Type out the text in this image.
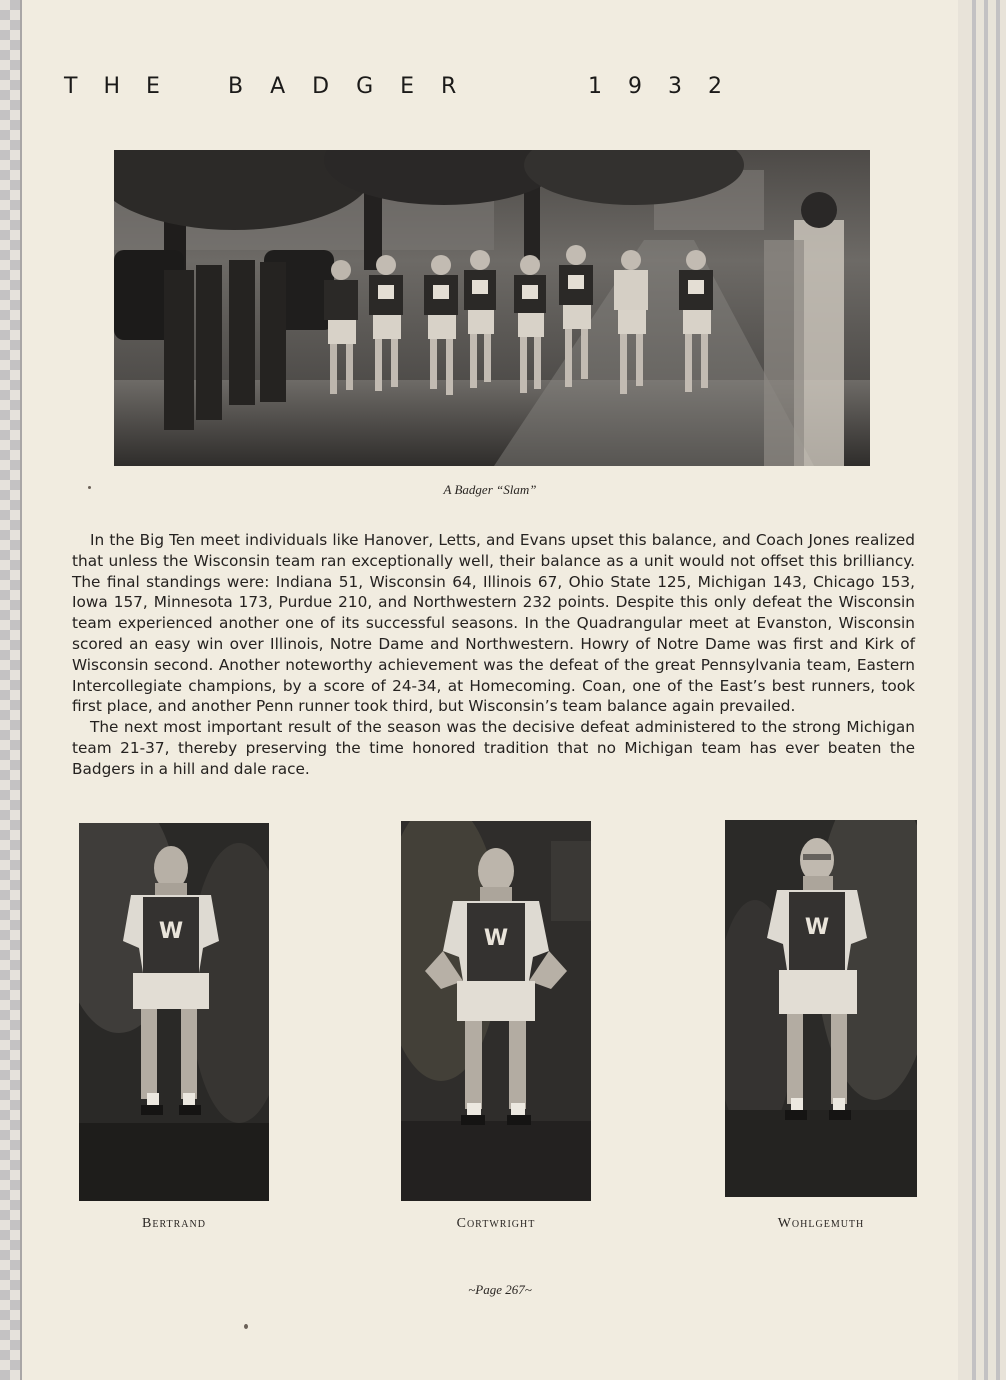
THE BADGER	1932
A Badger “Slam”

In the Big Ten meet individuals like Hanover, Letts, and Evans upset this balance, and Coach Jones realized that unless the Wisconsin team ran exceptionally well, their balance as a unit would not offset this brilliancy. The final standings were: Indiana 51, Wisconsin 64, Illinois 67, Ohio State 125, Michigan 143, Chicago 153, Iowa 157, Minnesota 173, Purdue 210, and Northwestern 232 points. Despite this only defeat the Wisconsin team experienced another one of its successful seasons. In the Quadrangular meet at Evanston, Wisconsin scored an easy win over Illinois, Notre Dame and Northwestern. Howry of Notre Dame was first and Kirk of Wisconsin second. Another noteworthy achievement was the defeat of the great Pennsylvania team, Eastern Intercollegiate champions, by a score of 24-34, at Homecoming. Coan, one of the East’s best runners, took first place, and another Penn runner took third, but Wisconsin’s team balance again prevailed.

The next most important result of the season was the decisive defeat administered to the strong Michigan team 21-37, thereby preserving the time honored tradition that no Michigan team has ever beaten the Badgers in a hill and dale race.

W	W	W
Bertrand	Cortwright	Wohlgemuth
~Page 267~
